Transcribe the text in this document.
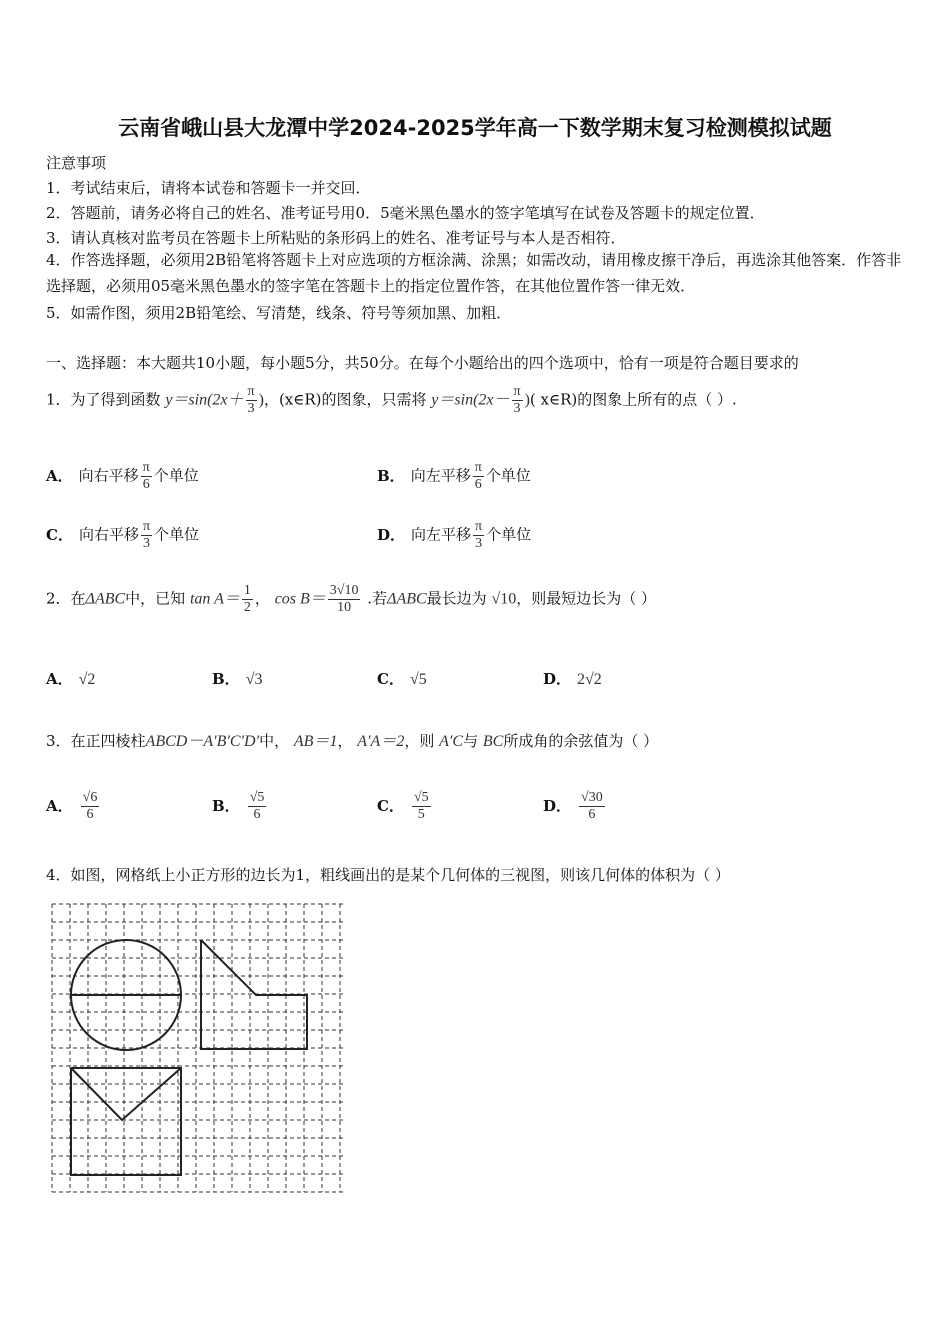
云南省峨山县大龙潭中学2024-2025学年高一下数学期末复习检测模拟试题
注意事项
1．考试结束后，请将本试卷和答题卡一并交回．
2．答题前，请务必将自己的姓名、准考证号用0．5毫米黑色墨水的签字笔填写在试卷及答题卡的规定位置．
3．请认真核对监考员在答题卡上所粘贴的条形码上的姓名、准考证号与本人是否相符．
4．作答选择题，必须用2B铅笔将答题卡上对应选项的方框涂满、涂黑；如需改动，请用橡皮擦干净后，再选涂其他答案．作答非选择题，必须用05毫米黑色墨水的签字笔在答题卡上的指定位置作答，在其他位置作答一律无效．
5．如需作图，须用2B铅笔绘、写清楚，线条、符号等须加黑、加粗．
一、选择题：本大题共10小题，每小题5分，共50分。在每个小题给出的四个选项中，恰有一项是符合题目要求的
1．为了得到函数 $y=\sin(2x+ \frac{\pi}{3}$ )，(x∈R)的图象，只需将 $y=\sin(2x- \frac{\pi}{3}$ )( x∈R)的图象上所有的点（ ）.
A． 向右平移 $\frac{\pi}{6}$ 个单位	B． 向左平移 $\frac{\pi}{6}$ 个单位
C． 向右平移 $\frac{\pi}{3}$ 个单位	D． 向左平移 $\frac{\pi}{3}$ 个单位
2．在ΔABC中，已知 $\tan A= \frac{1}{2}$ ， $\cos B= \frac{3√10}{10}$ .若ΔABC最长边为 √10，则最短边长为（ ）
A． √2	B． √3	C． √5	D． 2√2
3．在正四棱柱ABCD－A′B′C′D′中， AB＝1， A′A＝2，则 A′C与 BC所成角的余弦值为（ ）
A． $\frac{√6}{6}$	B． $\frac{√5}{6}$	C． $\frac{√5}{5}$	D． $\frac{√30}{6}$
4．如图，网格纸上小正方形的边长为1，粗线画出的是某个几何体的三视图，则该几何体的体积为（ ）
